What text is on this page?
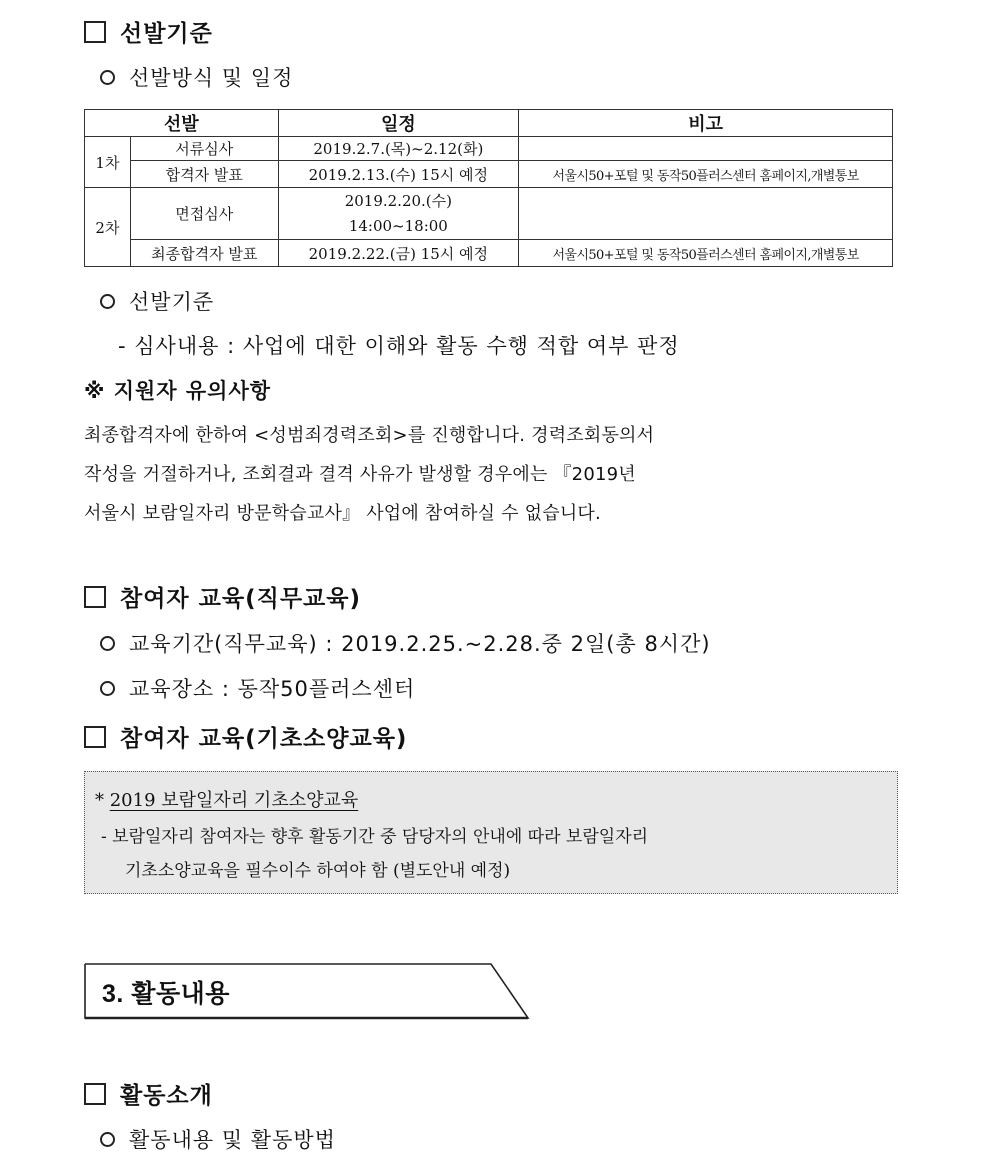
선발기준
선발방식 및 일정
선발		일정	비고
1차	서류심사	2019.2.7.(목)~2.12(화)	
	합격자 발표	2019.2.13.(수) 15시 예정	서울시50+포털 및 동작50플러스센터 홈페이지,개별통보
2차	면접심사	2019.2.20.(수)
14:00~18:00	

	최종합격자 발표	2019.2.22.(금) 15시 예정	서울시50+포털 및 동작50플러스센터 홈페이지,개별통보
선발기준
- 심사내용 : 사업에 대한 이해와 활동 수행 적합 여부 판정
※ 지원자 유의사항
최종합격자에 한하여 <성범죄경력조회>를 진행합니다. 경력조회동의서
작성을 거절하거나, 조회결과 결격 사유가 발생할 경우에는 『2019년
서울시 보람일자리 방문학습교사』 사업에 참여하실 수 없습니다.
참여자 교육(직무교육)
교육기간(직무교육) : 2019.2.25.~2.28.중 2일(총 8시간)
교육장소 : 동작50플러스센터
참여자 교육(기초소양교육)
* 2019 보람일자리 기초소양교육
- 보람일자리 참여자는 향후 활동기간 중 담당자의 안내에 따라 보람일자리
기초소양교육을 필수이수 하여야 함 (별도안내 예정)
3. 활동내용
활동소개
활동내용 및 활동방법
